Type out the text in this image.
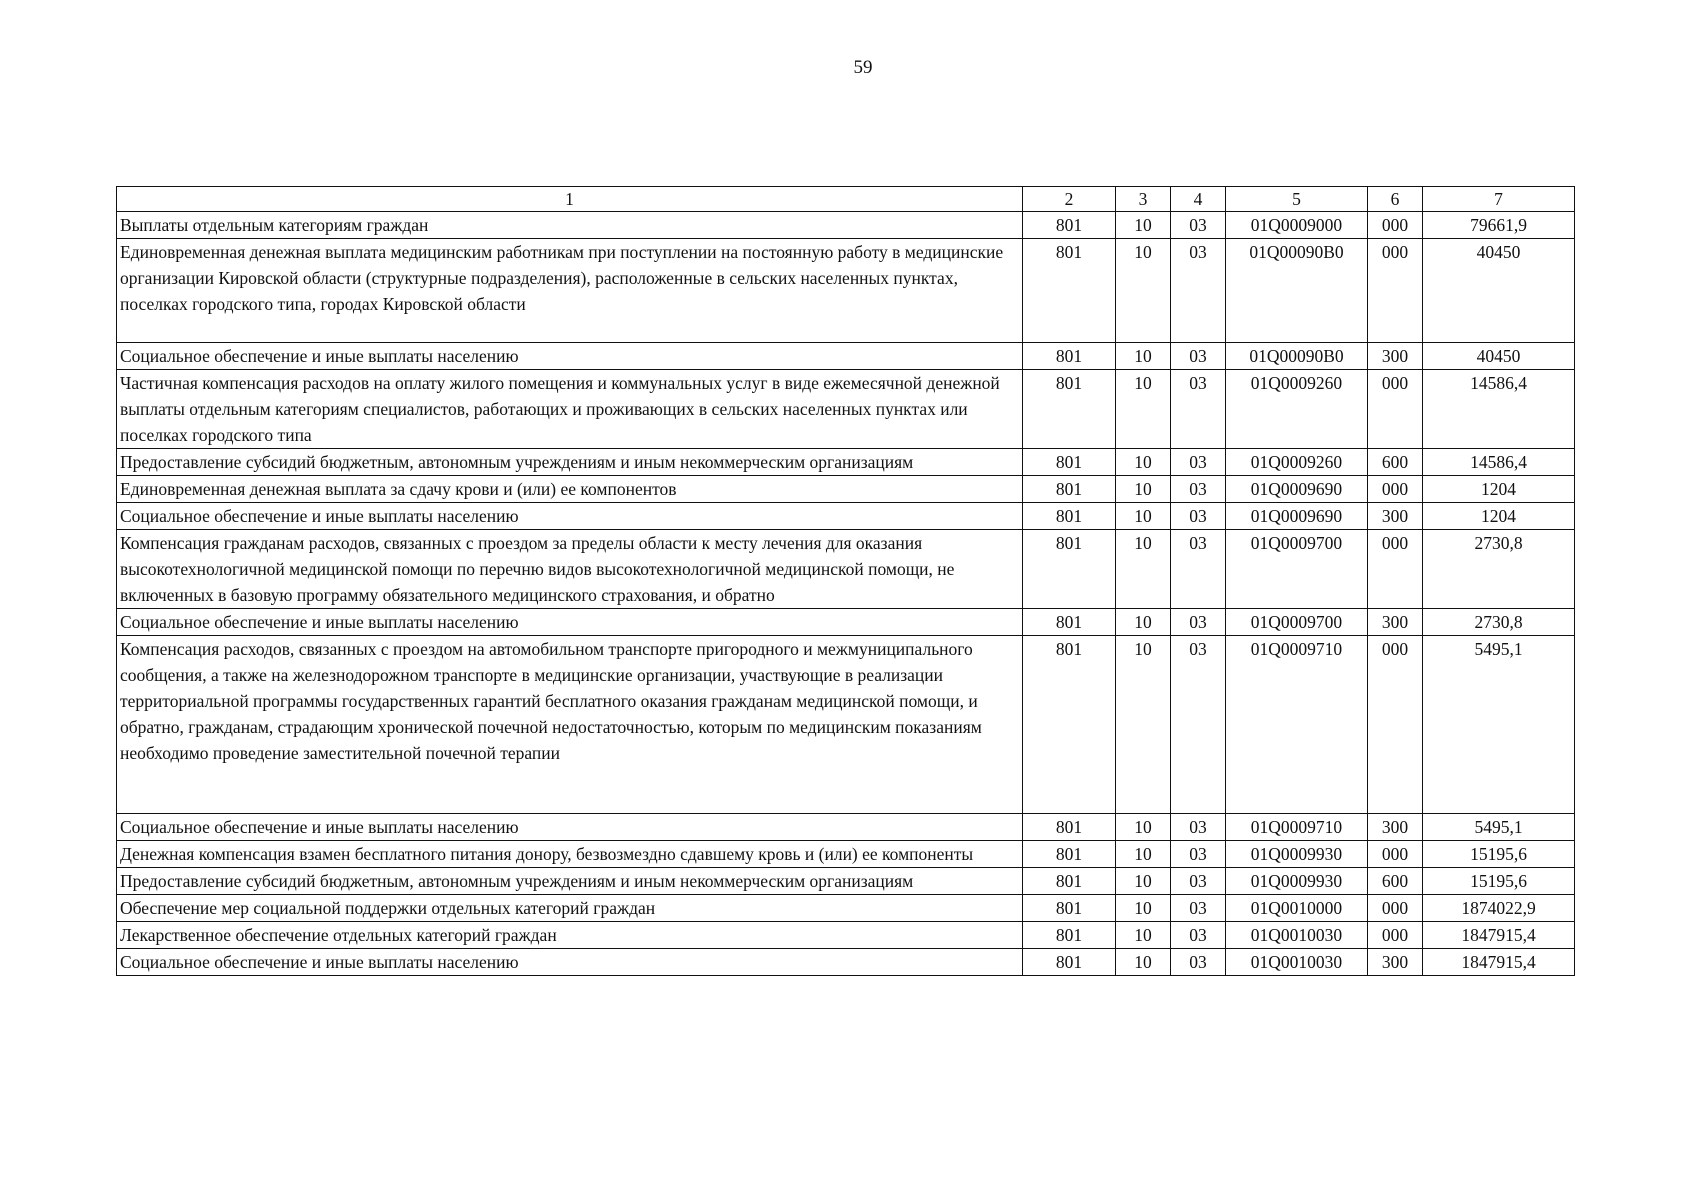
59
1	2	3	4	5	6	7
Выплаты отдельным категориям граждан	801	10	03	01Q0009000	000	79661,9
Единовременная денежная выплата медицинским работникам при поступлении на постоянную работу в медицинские организации Кировской области (структурные подразделения), расположенные в сельских населенных пунктах, поселках городского типа, городах Кировской области	801	10	03	01Q00090B0	000	40450
Социальное обеспечение и иные выплаты населению	801	10	03	01Q00090B0	300	40450
Частичная компенсация расходов на оплату жилого помещения и коммунальных услуг в виде ежемесячной денежной выплаты отдельным категориям специалистов, работающих и проживающих в сельских населенных пунктах или поселках городского типа	801	10	03	01Q0009260	000	14586,4
Предоставление субсидий бюджетным, автономным учреждениям и иным некоммерческим организациям	801	10	03	01Q0009260	600	14586,4
Единовременная денежная выплата за сдачу крови и (или) ее компонентов	801	10	03	01Q0009690	000	1204
Социальное обеспечение и иные выплаты населению	801	10	03	01Q0009690	300	1204
Компенсация гражданам расходов, связанных с проездом за пределы области к месту лечения для оказания высокотехнологичной медицинской помощи по перечню видов высокотехнологичной медицинской помощи, не включенных в базовую программу обязательного медицинского страхования, и обратно	801	10	03	01Q0009700	000	2730,8
Социальное обеспечение и иные выплаты населению	801	10	03	01Q0009700	300	2730,8
Компенсация расходов, связанных с проездом на автомобильном транспорте пригородного и межмуниципального сообщения, а также на железнодорожном транспорте в медицинские организации, участвующие в реализации территориальной программы государственных гарантий бесплатного оказания гражданам медицинской помощи, и обратно, гражданам, страдающим хронической почечной недостаточностью, которым по медицинским показаниям необходимо проведение заместительной почечной терапии	801	10	03	01Q0009710	000	5495,1
Социальное обеспечение и иные выплаты населению	801	10	03	01Q0009710	300	5495,1
Денежная компенсация взамен бесплатного питания донору, безвозмездно сдавшему кровь и (или) ее компоненты	801	10	03	01Q0009930	000	15195,6
Предоставление субсидий бюджетным, автономным учреждениям и иным некоммерческим организациям	801	10	03	01Q0009930	600	15195,6
Обеспечение мер социальной поддержки отдельных категорий граждан	801	10	03	01Q0010000	000	1874022,9
Лекарственное обеспечение отдельных категорий граждан	801	10	03	01Q0010030	000	1847915,4
Социальное обеспечение и иные выплаты населению	801	10	03	01Q0010030	300	1847915,4
